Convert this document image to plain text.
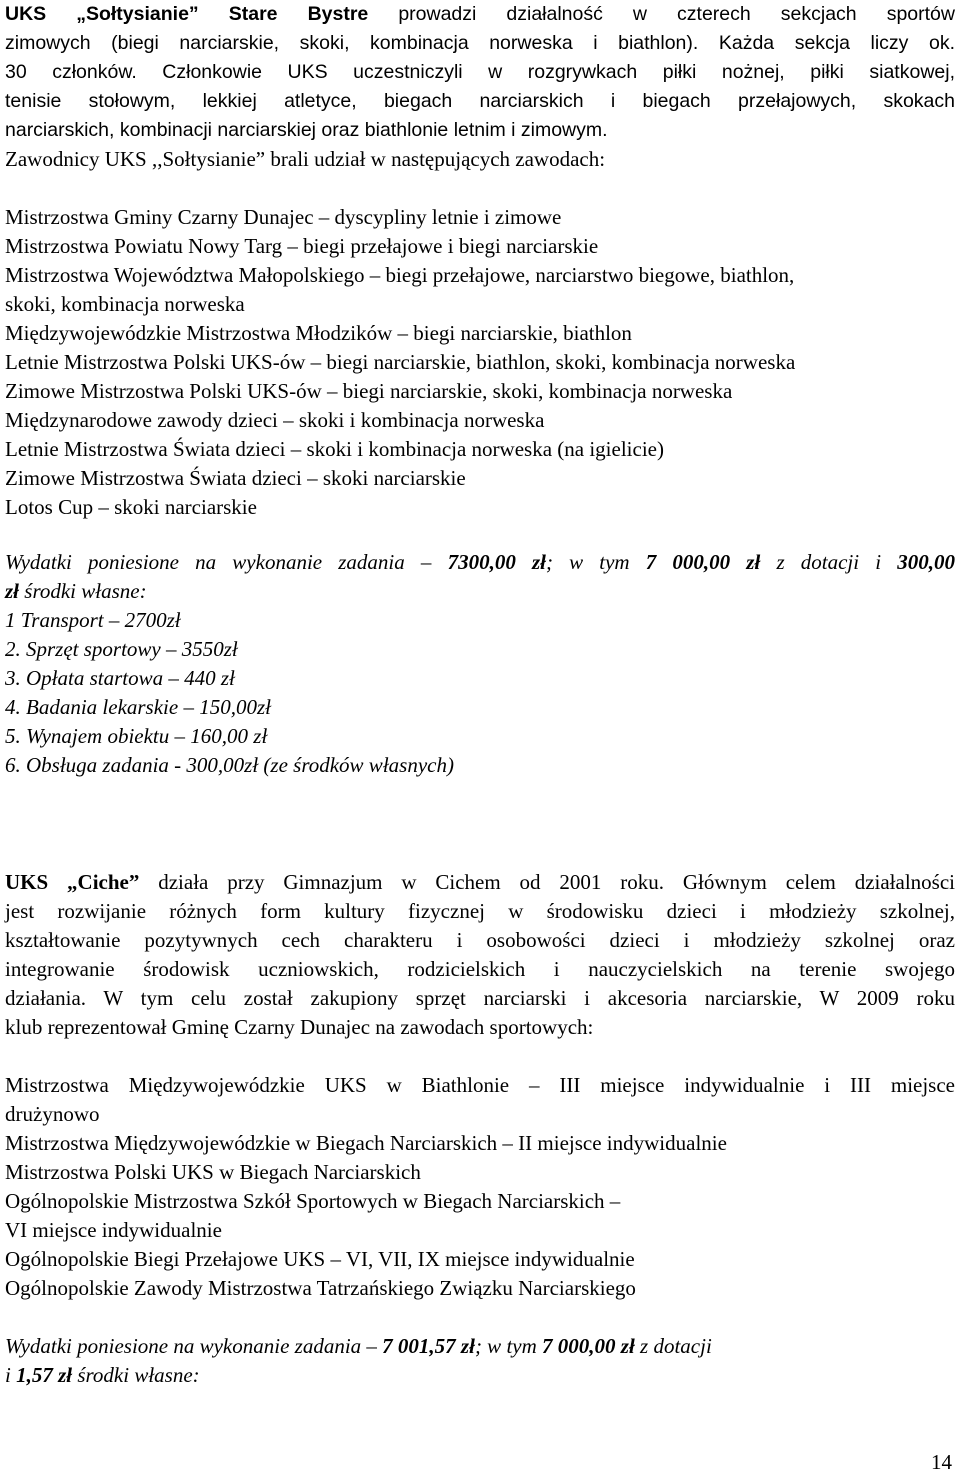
UKS „Sołtysianie” Stare Bystre prowadzi działalność w czterech sekcjach sportów
zimowych (biegi narciarskie, skoki, kombinacja norweska i biathlon). Każda sekcja liczy ok.
30 członków. Członkowie UKS uczestniczyli w rozgrywkach piłki nożnej, piłki siatkowej,
tenisie stołowym, lekkiej atletyce, biegach narciarskich i biegach przełajowych, skokach
narciarskich, kombinacji narciarskiej oraz biathlonie letnim i zimowym.
Zawodnicy UKS ,,Sołtysianie” brali udział w następujących zawodach:
Mistrzostwa Gminy Czarny Dunajec – dyscypliny letnie i zimowe
Mistrzostwa Powiatu Nowy Targ – biegi przełajowe i biegi narciarskie
Mistrzostwa Województwa Małopolskiego – biegi przełajowe, narciarstwo biegowe, biathlon,
skoki, kombinacja norweska
Międzywojewódzkie Mistrzostwa Młodzików – biegi narciarskie, biathlon
Letnie Mistrzostwa Polski UKS-ów – biegi narciarskie, biathlon, skoki, kombinacja norweska
Zimowe Mistrzostwa Polski UKS-ów – biegi narciarskie, skoki, kombinacja norweska
Międzynarodowe zawody dzieci – skoki i kombinacja norweska
Letnie Mistrzostwa Świata dzieci – skoki i kombinacja norweska (na igielicie)
Zimowe Mistrzostwa Świata dzieci – skoki narciarskie
Lotos Cup – skoki narciarskie
Wydatki poniesione na wykonanie zadania – 7300,00 zł; w tym 7 000,00 zł z dotacji i 300,00
zł środki własne:
1 Transport – 2700zł
2. Sprzęt sportowy – 3550zł
3. Opłata startowa – 440 zł
4. Badania lekarskie – 150,00zł
5. Wynajem obiektu – 160,00 zł
6. Obsługa zadania - 300,00zł (ze środków własnych)
UKS „Ciche” działa przy Gimnazjum w Cichem od 2001 roku. Głównym celem działalności
jest rozwijanie różnych form kultury fizycznej w środowisku dzieci i młodzieży szkolnej,
kształtowanie pozytywnych cech charakteru i osobowości dzieci i młodzieży szkolnej oraz
integrowanie środowisk uczniowskich, rodzicielskich i nauczycielskich na terenie swojego
działania. W tym celu został zakupiony sprzęt narciarski i akcesoria narciarskie, W 2009 roku
klub reprezentował Gminę Czarny Dunajec na zawodach sportowych:
Mistrzostwa Międzywojewódzkie UKS w Biathlonie – III miejsce indywidualnie i III miejsce
drużynowo
Mistrzostwa Międzywojewódzkie w Biegach Narciarskich – II miejsce indywidualnie
Mistrzostwa Polski UKS w Biegach Narciarskich
Ogólnopolskie Mistrzostwa Szkół Sportowych w Biegach Narciarskich –
VI miejsce indywidualnie
Ogólnopolskie Biegi Przełajowe UKS – VI, VII, IX miejsce indywidualnie
Ogólnopolskie Zawody Mistrzostwa Tatrzańskiego Związku Narciarskiego
Wydatki poniesione na wykonanie zadania – 7 001,57 zł; w tym 7 000,00 zł z dotacji
i 1,57 zł środki własne:
14
